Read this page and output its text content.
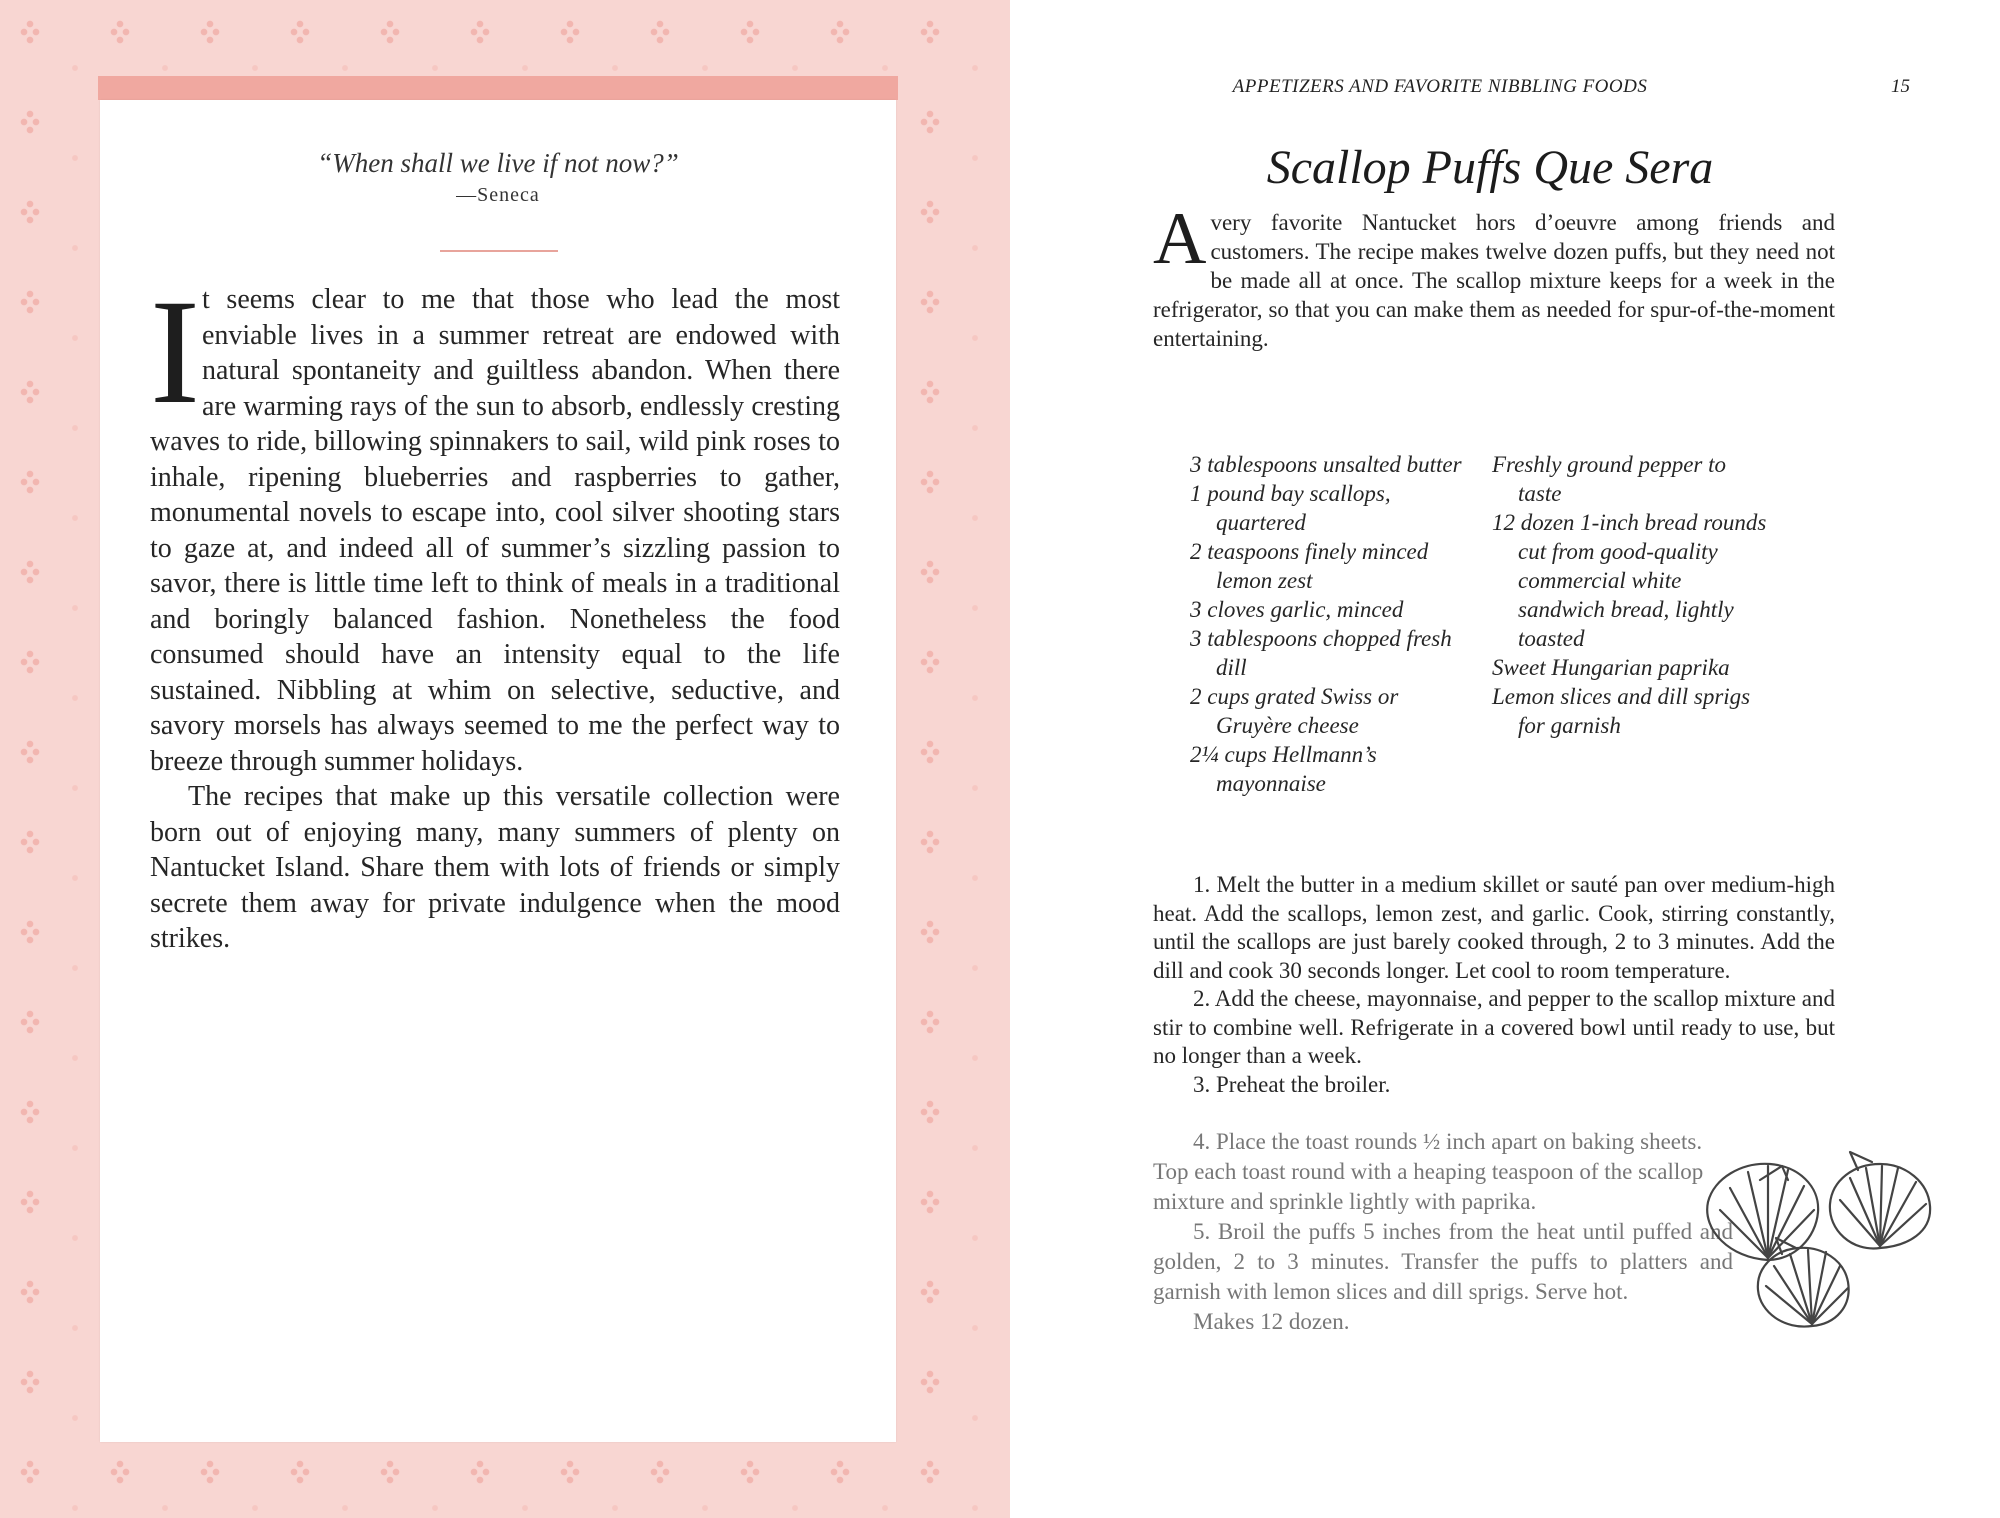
“When shall we live if not now?”
—Seneca

It seems clear to me that those who lead the most enviable lives in a summer retreat are endowed with natural spontaneity and guiltless abandon. When there are warming rays of the sun to absorb, endlessly cresting waves to ride, billowing spinnakers to sail, wild pink roses to inhale, ripening blueberries and raspberries to gather, monumental novels to escape into, cool silver shooting stars to gaze at, and indeed all of summer’s sizzling passion to savor, there is little time left to think of meals in a traditional and boringly balanced fashion. Nonetheless the food consumed should have an intensity equal to the life sustained. Nibbling at whim on selective, seductive, and savory morsels has always seemed to me the perfect way to breeze through summer holidays.

The recipes that make up this versatile collection were born out of enjoying many, many summers of plenty on Nantucket Island. Share them with lots of friends or simply secrete them away for private indulgence when the mood strikes.

APPETIZERS AND FAVORITE NIBBLING FOODS	15
Scallop Puffs Que Sera
A very favorite Nantucket hors d’oeuvre among friends and customers. The recipe makes twelve dozen puffs, but they need not be made all at once. The scallop mixture keeps for a week in the refrigerator, so that you can make them as needed for spur-of-the-moment entertaining.
3 tablespoons unsalted butter
1 pound bay scallops, quartered
2 teaspoons finely minced lemon zest
3 cloves garlic, minced
3 tablespoons chopped fresh dill
2 cups grated Swiss or Gruyère cheese
2¼ cups Hellmann’s mayonnaise
Freshly ground pepper to taste
12 dozen 1-inch bread rounds cut from good-quality commercial white sandwich bread, lightly toasted
Sweet Hungarian paprika
Lemon slices and dill sprigs for garnish

1. Melt the butter in a medium skillet or sauté pan over medium-high heat. Add the scallops, lemon zest, and garlic. Cook, stirring constantly, until the scallops are just barely cooked through, 2 to 3 minutes. Add the dill and cook 30 seconds longer. Let cool to room temperature.

2. Add the cheese, mayonnaise, and pepper to the scallop mixture and stir to combine well. Refrigerate in a covered bowl until ready to use, but no longer than a week.

3. Preheat the broiler.

4. Place the toast rounds ½ inch apart on baking sheets. Top each toast round with a heaping teaspoon of the scallop mixture and sprinkle lightly with paprika.

5. Broil the puffs 5 inches from the heat until puffed and golden, 2 to 3 minutes. Transfer the puffs to platters and garnish with lemon slices and dill sprigs. Serve hot.

Makes 12 dozen.
